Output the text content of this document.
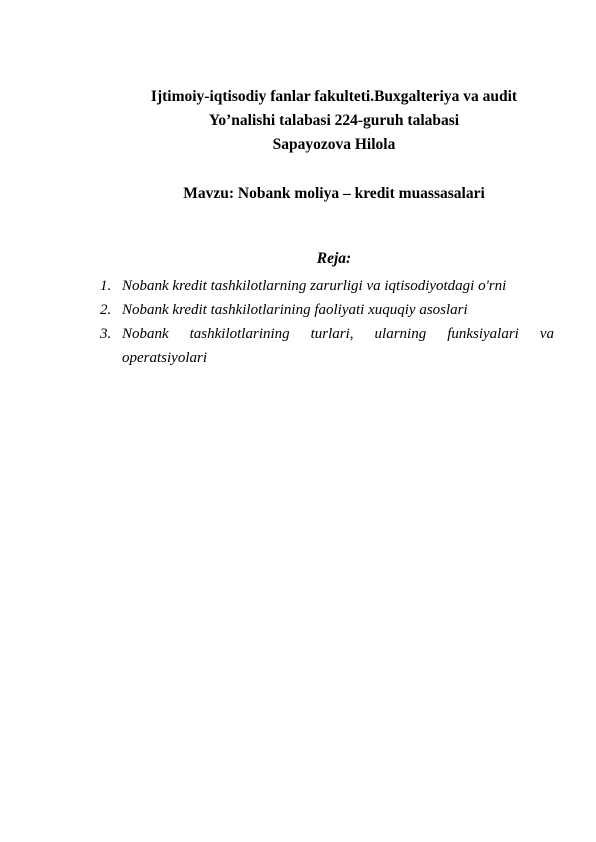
Ijtimoiy-iqtisodiy fanlar fakulteti.Buxgalteriya va audit
Yo’nalishi talabasi 224-guruh talabasi
Sapayozova Hilola
Mavzu: Nobank moliya – kredit muassasalari
Reja:
1. Nobank kredit tashkilotlarning zarurligi va iqtisodiyotdagi o'rni
2. Nobank kredit tashkilotlarining faoliyati xuquqiy asoslari
3. Nobank tashkilotlarining turlari, ularning funksiyalari va operatsiyolari
